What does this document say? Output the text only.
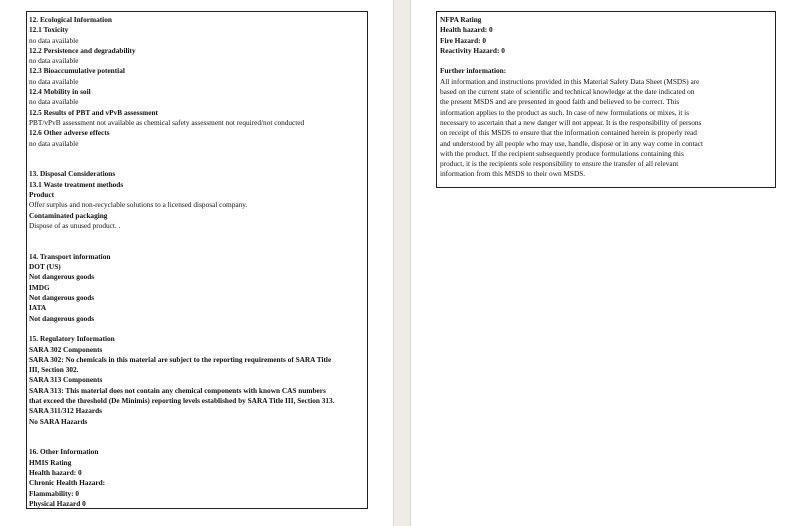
12. Ecological Information
12.1 Toxicity
no data available
12.2 Persistence and degradability
no data available
12.3 Bioaccumulative potential
no data available
12.4 Mobility in soil
no data available
12.5 Results of PBT and vPvB assessment
PBT/vPvB assessment not available as chemical safety assessment not required/not conducted
12.6 Other adverse effects
no data available
13. Disposal Considerations
13.1 Waste treatment methods
Product
Offer surplus and non-recyclable solutions to a licensed disposal company.
Contaminated packaging
Dispose of as unused product. .
14. Transport information
DOT (US)
Not dangerous goods
IMDG
Not dangerous goods
IATA
Not dangerous goods
15. Regulatory Information
SARA 302 Components
SARA 302: No chemicals in this material are subject to the reporting requirements of SARA Title
III, Section 302.
SARA 313 Components
SARA 313: This material does not contain any chemical components with known CAS numbers
that exceed the threshold (De Minimis) reporting levels established by SARA Title III, Section 313.
SARA 311/312 Hazards
No SARA Hazards
16. Other Information
HMIS Rating
Health hazard: 0
Chronic Health Hazard:
Flammability: 0
Physical Hazard 0
NFPA Rating
Health hazard: 0
Fire Hazard: 0
Reactivity Hazard: 0
Further information:
All information and instructions provided in this Material Safety Data Sheet (MSDS) are
based on the current state of scientific and technical knowledge at the date indicated on
the present MSDS and are presented in good faith and believed to be correct. This
information applies to the product as such. In case of new formulations or mixes, it is
necessary to ascertain that a new danger will not appear. It is the responsibility of persons
on receipt of this MSDS to ensure that the information contained herein is properly read
and understood by all people who may use, handle, dispose or in any way come in contact
with the product. If the recipient subsequently produce formulations containing this
product, it is the recipients sole responsibility to ensure the transfer of all relevant
information from this MSDS to their own MSDS.
